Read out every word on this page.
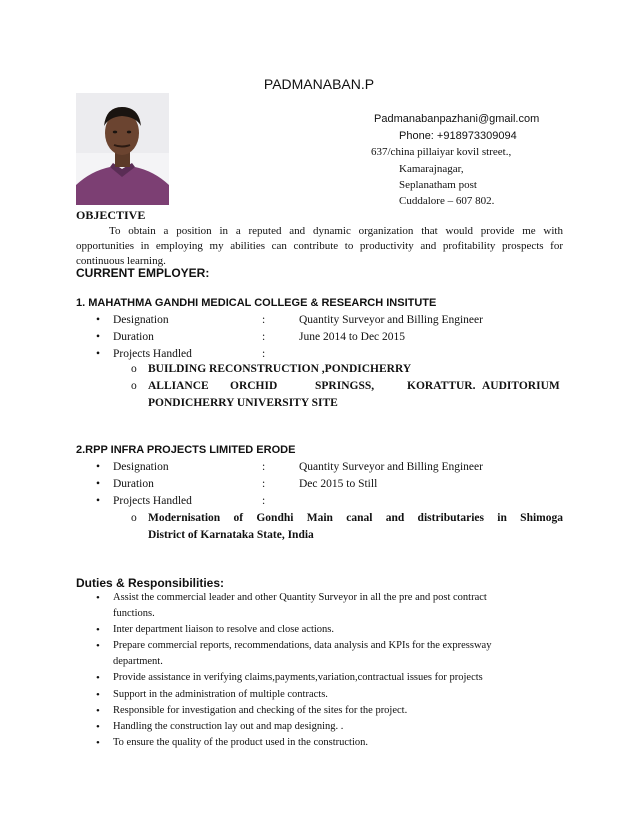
PADMANABAN.P
Padmanabanpazhani@gmail.com
Phone: +918973309094
637/china pillaiyar kovil street.,
Kamarajnagar,
Seplanatham post
Cuddalore – 607 802.
OBJECTIVE
To obtain a position in a reputed and dynamic organization that would provide me with
opportunities in employing my abilities can contribute to productivity and profitability prospects for
continuous learning.
CURRENT EMPLOYER:
1. MAHATHMA GANDHI MEDICAL COLLEGE & RESEARCH INSITUTE
• Designation	:	Quantity Surveyor and Billing Engineer
• Duration	:	June 2014 to Dec 2015
• Projects Handled	:
o BUILDING RECONSTRUCTION ,PONDICHERRY
o ALLIANCE ORCHID	SPRINGSS,	KORATTUR. AUDITORIUM
PONDICHERRY UNIVERSITY SITE
2.RPP INFRA PROJECTS LIMITED ERODE
• Designation	:	Quantity Surveyor and Billing Engineer
• Duration	:	Dec 2015 to Still
• Projects Handled	:
o Modernisation of Gondhi Main canal and distributaries in Shimoga
District of Karnataka State, India
Duties & Responsibilities:
• Assist the commercial leader and other Quantity Surveyor in all the pre and post contract
functions.
• Inter department liaison to resolve and close actions.
• Prepare commercial reports, recommendations, data analysis and KPIs for the expressway
department.
• Provide assistance in verifying claims,payments,variation,contractual issues for projects
• Support in the administration of multiple contracts.
• Responsible for investigation and checking of the sites for the project.
• Handling the construction lay out and map designing. .
• To ensure the quality of the product used in the construction.
